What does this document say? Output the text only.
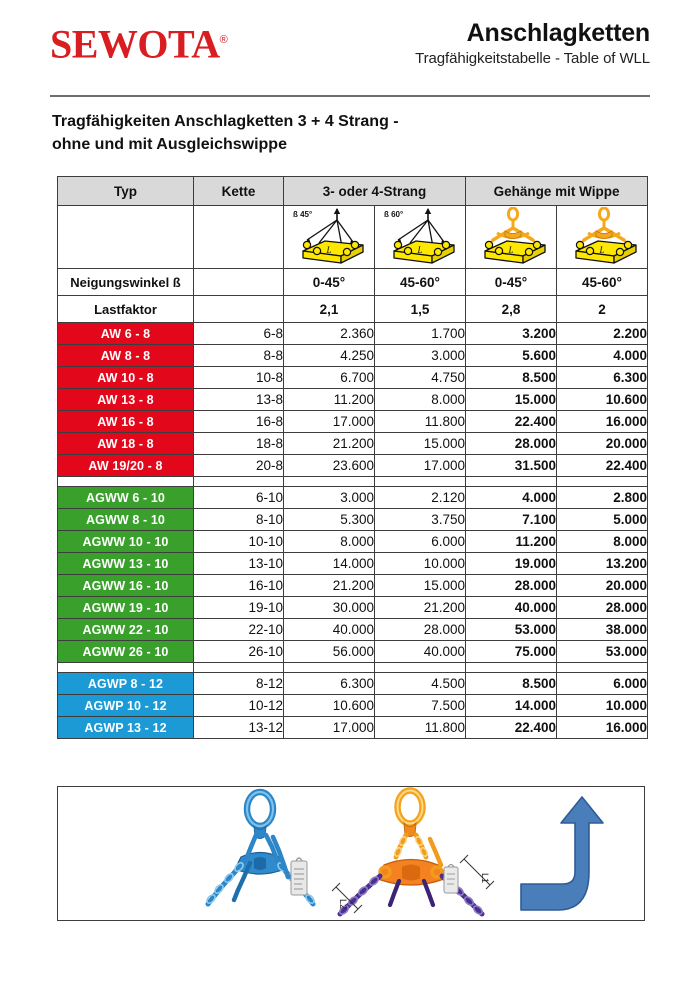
SEWOTA®	Anschlagketten
Tragfähigkeitstabelle - Table of WLL
Tragfähigkeiten Anschlagketten 3 + 4 Strang -
ohne und mit Ausgleichswippe
Typ	Kette	3- oder 4-Strang		Gehänge mit Wippe	

ß 45°
L	ß 60°
L	L	L

Neigungswinkel ß		0-45°	45-60°	0-45°	45-60°
Lastfaktor		2,1	1,5	2,8	2
AW 6 - 8	6-8	2.360	1.700	3.200	2.200
AW 8 - 8	8-8	4.250	3.000	5.600	4.000
AW 10 - 8	10-8	6.700	4.750	8.500	6.300
AW 13 - 8	13-8	11.200	8.000	15.000	10.600
AW 16 - 8	16-8	17.000	11.800	22.400	16.000
AW 18 - 8	18-8	21.200	15.000	28.000	20.000
AW 19/20 - 8	20-8	23.600	17.000	31.500	22.400

AGWW 6 - 10	6-10	3.000	2.120	4.000	2.800
AGWW 8 - 10	8-10	5.300	3.750	7.100	5.000
AGWW 10 - 10	10-10	8.000	6.000	11.200	8.000
AGWW 13 - 10	13-10	14.000	10.000	19.000	13.200
AGWW 16 - 10	16-10	21.200	15.000	28.000	20.000
AGWW 19 - 10	19-10	30.000	21.200	40.000	28.000
AGWW 22 - 10	22-10	40.000	28.000	53.000	38.000
AGWW 26 - 10	26-10	56.000	40.000	75.000	53.000

AGWP 8 - 12	8-12	6.300	4.500	8.500	6.000
AGWP 10 - 12	10-12	10.600	7.500	14.000	10.000
AGWP 13 - 12	13-12	17.000	11.800	22.400	16.000
L1
L2
